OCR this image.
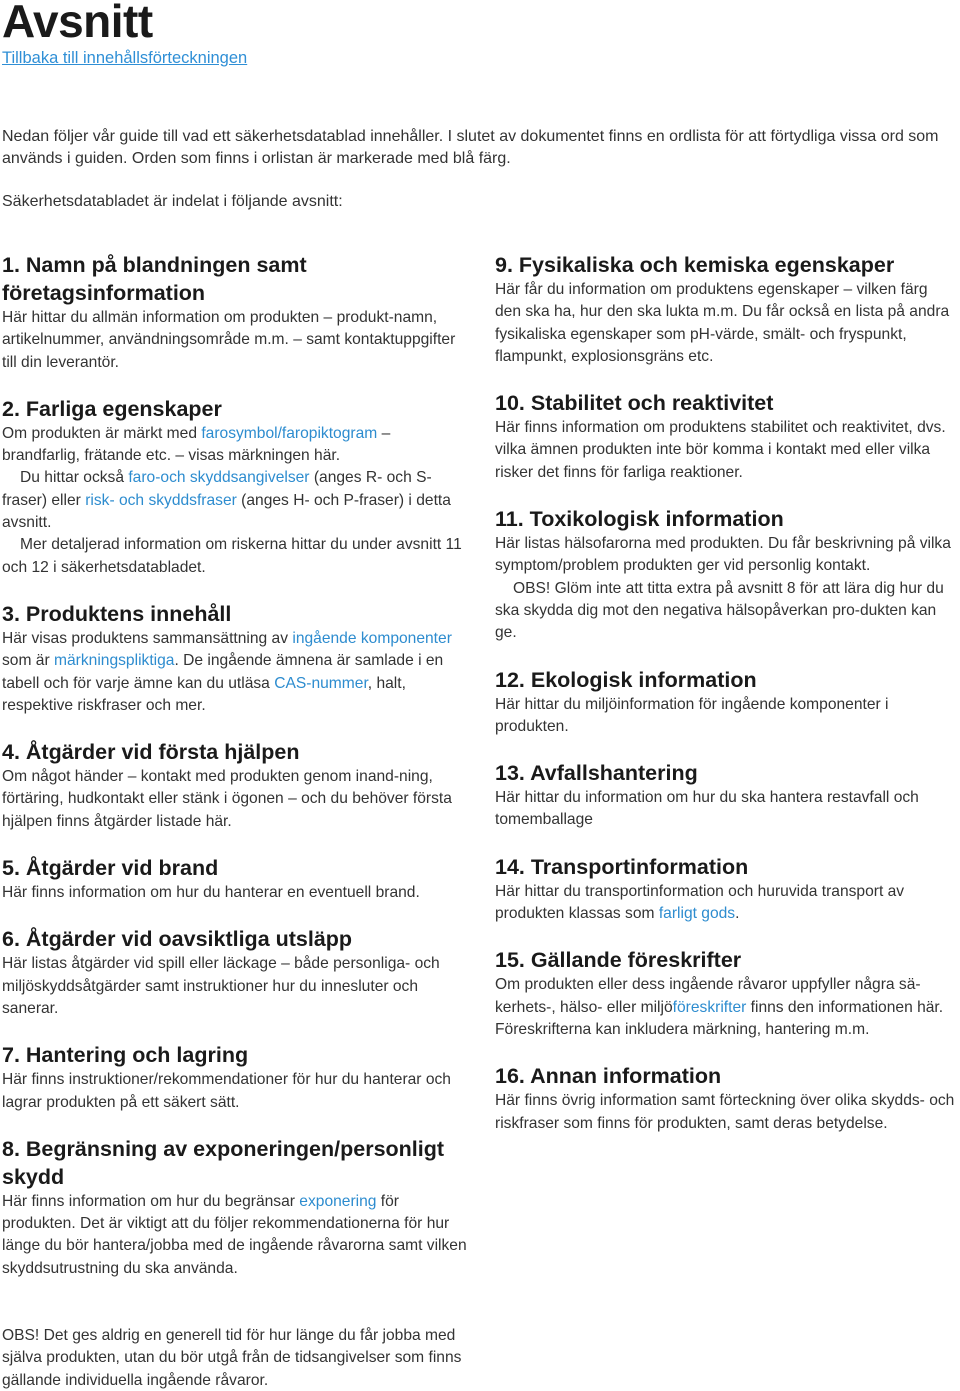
Avsnitt
Tillbaka till innehållsförteckningen

Nedan följer vår guide till vad ett säkerhetsdatablad innehåller. I slutet av dokumentet finns en ordlista för att förtydliga vissa ord som används i guiden. Orden som finns i orlistan är markerade med blå färg.

Säkerhetsdatabladet är indelat i följande avsnitt:

1. Namn på blandningen samt företagsinformation

Här hittar du allmän information om produkten – produkt-namn, artikelnummer, användningsområde m.m. – samt kontaktuppgifter till din leverantör.

2. Farliga egenskaper

Om produkten är märkt med farosymbol/faropiktogram – brandfarlig, frätande etc. – visas märkningen här.

Du hittar också faro-och skyddsangivelser (anges R- och S-fraser) eller risk- och skyddsfraser (anges H- och P-fraser) i detta avsnitt.

Mer detaljerad information om riskerna hittar du under avsnitt 11 och 12 i säkerhetsdatabladet.

3. Produktens innehåll

Här visas produktens sammansättning av ingående komponenter som är märkningspliktiga. De ingående ämnena är samlade i en tabell och för varje ämne kan du utläsa CAS-nummer, halt, respektive riskfraser och mer.

4. Åtgärder vid första hjälpen

Om något händer – kontakt med produkten genom inand-ning, förtäring, hudkontakt eller stänk i ögonen – och du behöver första hjälpen finns åtgärder listade här.

5. Åtgärder vid brand

Här finns information om hur du hanterar en eventuell brand.

6. Åtgärder vid oavsiktliga utsläpp

Här listas åtgärder vid spill eller läckage – både personliga- och miljöskyddsåtgärder samt instruktioner hur du innesluter och sanerar.

7. Hantering och lagring

Här finns instruktioner/rekommendationer för hur du hanterar och lagrar produkten på ett säkert sätt.

8. Begränsning av exponeringen/personligt skydd

Här finns information om hur du begränsar exponering för produkten. Det är viktigt att du följer rekommendationerna för hur länge du bör hantera/jobba med de ingående råvarorna samt vilken skyddsutrustning du ska använda.

9. Fysikaliska och kemiska egenskaper

Här får du information om produktens egenskaper – vilken färg den ska ha, hur den ska lukta m.m. Du får också en lista på andra fysikaliska egenskaper som pH-värde, smält- och fryspunkt, flampunkt, explosionsgräns etc.

10. Stabilitet och reaktivitet

Här finns information om produktens stabilitet och reaktivitet, dvs. vilka ämnen produkten inte bör komma i kontakt med eller vilka risker det finns för farliga reaktioner.

11. Toxikologisk information

Här listas hälsofarorna med produkten. Du får beskrivning på vilka symptom/problem produkten ger vid personlig kontakt.

OBS! Glöm inte att titta extra på avsnitt 8 för att lära dig hur du ska skydda dig mot den negativa hälsopåverkan pro-dukten kan ge.

12. Ekologisk information

Här hittar du miljöinformation för ingående komponenter i produkten.

13. Avfallshantering

Här hittar du information om hur du ska hantera restavfall och tomemballage

14. Transportinformation

Här hittar du transportinformation och huruvida transport av produkten klassas som farligt gods.

15. Gällande föreskrifter

Om produkten eller dess ingående råvaror uppfyller några sä-kerhets-, hälso- eller miljöföreskrifter finns den informationen här. Föreskrifterna kan inkludera märkning, hantering m.m.

16. Annan information

Här finns övrig information samt förteckning över olika skydds- och riskfraser som finns för produkten, samt deras betydelse.

OBS! Det ges aldrig en generell tid för hur länge du får jobba med själva produkten, utan du bör utgå från de tidsangivelser som finns gällande individuella ingående råvaror.
